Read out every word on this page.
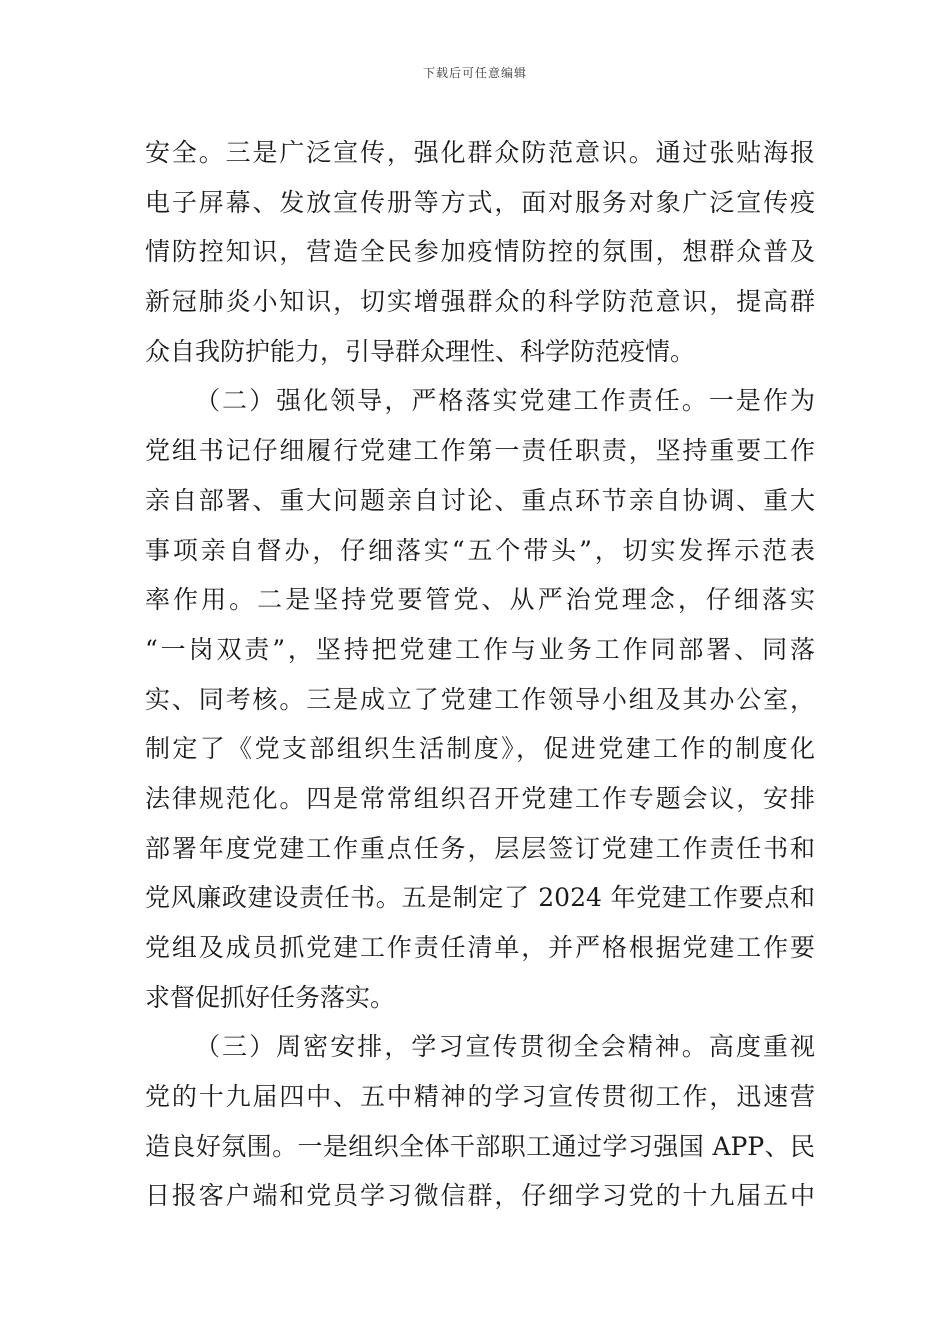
下载后可任意编辑
安全。三是广泛宣传，强化群众防范意识。通过张贴海报
电子屏幕、发放宣传册等方式，面对服务对象广泛宣传疫
情防控知识，营造全民参加疫情防控的氛围，想群众普及
新冠肺炎小知识，切实增强群众的科学防范意识，提高群
众自我防护能力，引导群众理性、科学防范疫情。
（二）强化领导，严格落实党建工作责任。一是作为
党组书记仔细履行党建工作第一责任职责，坚持重要工作
亲自部署、重大问题亲自讨论、重点环节亲自协调、重大
事项亲自督办，仔细落实“五个带头”，切实发挥示范表
率作用。二是坚持党要管党、从严治党理念，仔细落实
“一岗双责”，坚持把党建工作与业务工作同部署、同落
实、同考核。三是成立了党建工作领导小组及其办公室，
制定了《党支部组织生活制度》，促进党建工作的制度化
法律规范化。四是常常组织召开党建工作专题会议，安排
部署年度党建工作重点任务，层层签订党建工作责任书和
党风廉政建设责任书。五是制定了 2024 年党建工作要点和
党组及成员抓党建工作责任清单，并严格根据党建工作要
求督促抓好任务落实。
（三）周密安排，学习宣传贯彻全会精神。高度重视
党的十九届四中、五中精神的学习宣传贯彻工作，迅速营
造良好氛围。一是组织全体干部职工通过学习强国 APP、民
日报客户端和党员学习微信群，仔细学习党的十九届五中
